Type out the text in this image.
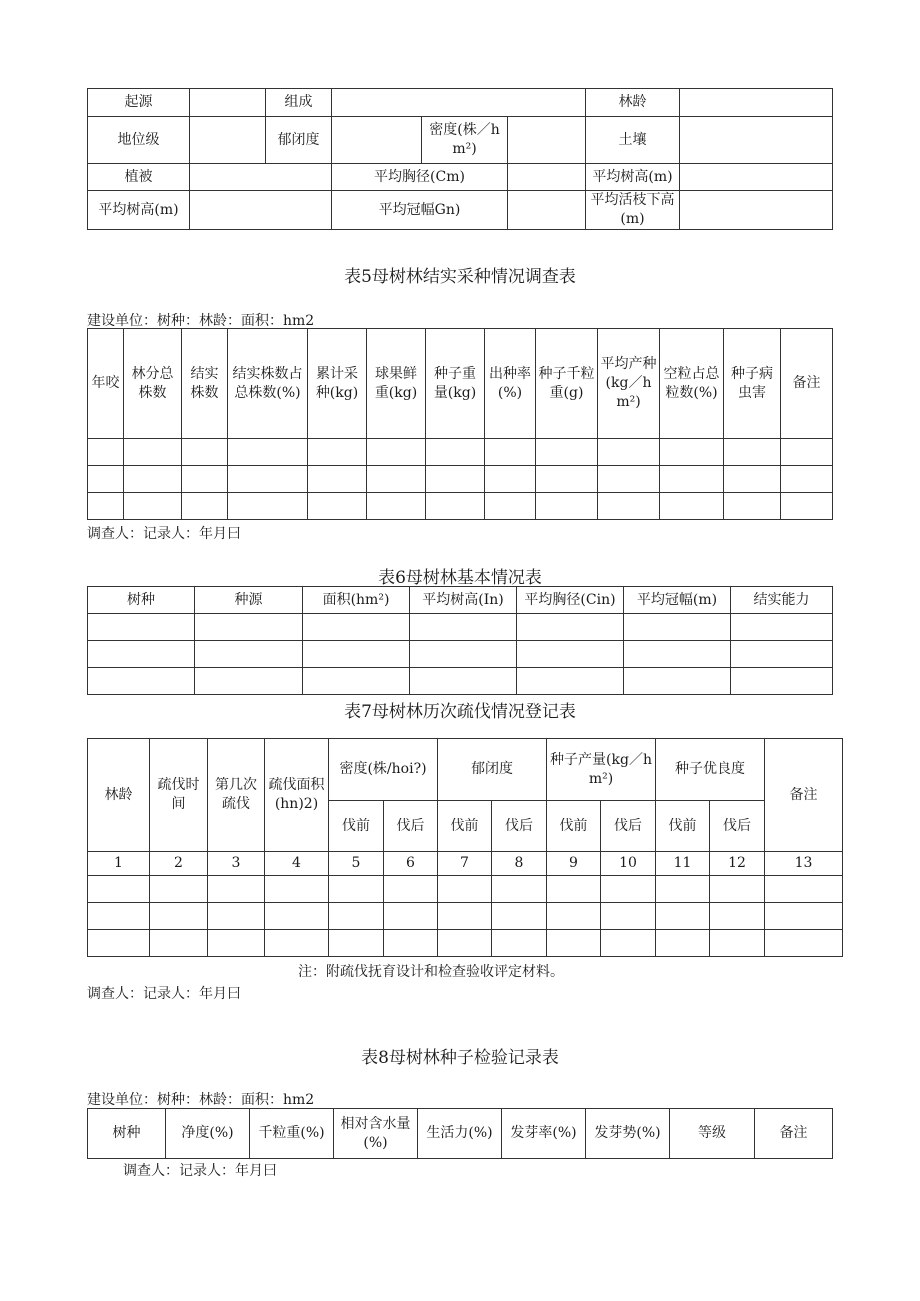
起源		组成				林龄	
地位级		郁闭度		密度(株／hm²)		土壤	
植被			平均胸径(Cm)			平均树高(m)	
平均树高(m)			平均冠幅Gn)			平均活枝下高(m)	
表5母树林结实采种情况调查表
建设单位：树种：林龄：面积：hm2
年咬	林分总株数	结实株数	结实株数占总株数(%)	累计采种(kg)	球果鲜重(kg)	种子重量(kg)	出种率(%)	种子千粒重(g)	平均产种(kg／hm²)	空粒占总粒数(%)	种子病虫害	备注

调查人：记录人：年月曰
表6母树林基本情况表
树种	种源	面积(hm²)	平均树高(In)	平均胸径(Cin)	平均冠幅(m)	结实能力

表7母树林历次疏伐情况登记表
林龄	疏伐时间	第几次疏伐	疏伐面积(hn)2)	密度(株/hoi?)		郁闭度		种子产量(kg／hm²)		种子优良度		备注
				伐前	伐后	伐前	伐后	伐前	伐后	伐前	伐后	
1	2	3	4	5	6	7	8	9	10	11	12	13

注：附疏伐抚育设计和检查验收评定材料。
调查人：记录人：年月曰
表8母树林种子检验记录表
建设单位：树种：林龄：面积：hm2
树种	净度(%)	千粒重(%)	相对含水量(%)	生活力(%)	发芽率(%)	发芽势(%)	等级	备注
调查人：记录人：年月曰
